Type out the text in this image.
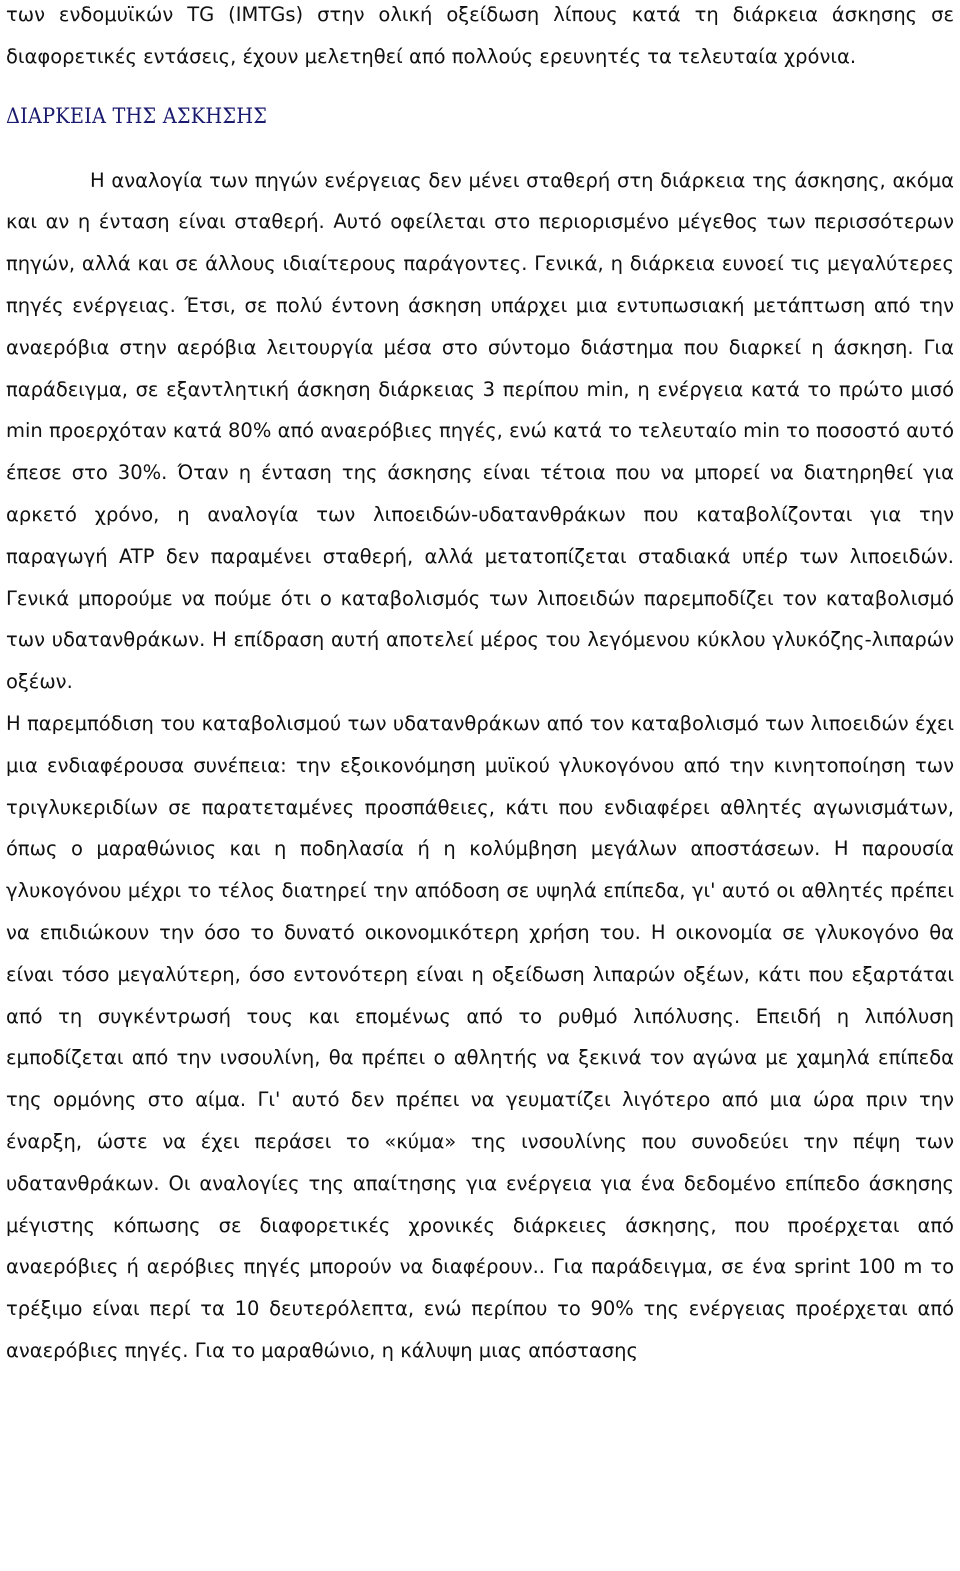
των ενδομυϊκών TG (IMTGs) στην ολική οξείδωση λίπους κατά τη διάρκεια άσκησης σε διαφορετικές εντάσεις, έχουν μελετηθεί από πολλούς ερευνητές τα τελευταία χρόνια.

ΔΙΑΡΚΕΙΑ ΤΗΣ ΑΣΚΗΣΗΣ

Η αναλογία των πηγών ενέργειας δεν μένει σταθερή στη διάρκεια της άσκησης, ακόμα και αν η ένταση είναι σταθερή. Αυτό οφείλεται στο περιορισμένο μέγεθος των περισσότερων πηγών, αλλά και σε άλλους ιδιαίτερους παράγοντες. Γενικά, η διάρκεια ευνοεί τις μεγαλύτερες πηγές ενέργειας. Έτσι, σε πολύ έντονη άσκηση υπάρχει μια εντυπωσιακή μετάπτωση από την αναερόβια στην αερόβια λειτουργία μέσα στο σύντομο διάστημα που διαρκεί η άσκηση. Για παράδειγμα, σε εξαντλητική άσκηση διάρκειας 3 περίπου min, η ενέργεια κατά το πρώτο μισό min προερχόταν κατά 80% από αναερόβιες πηγές, ενώ κατά το τελευταίο min το ποσοστό αυτό έπεσε στο 30%. Όταν η ένταση της άσκησης είναι τέτοια που να μπορεί να διατηρηθεί για αρκετό χρόνο, η αναλογία των λιποειδών-υδατανθράκων που καταβολίζονται για την παραγωγή ATP δεν παραμένει σταθερή, αλλά μετατοπίζεται σταδιακά υπέρ των λιποειδών. Γενικά μπορούμε να πούμε ότι ο καταβολισμός των λιποειδών παρεμποδίζει τον καταβολισμό των υδατανθράκων. Η επίδραση αυτή αποτελεί μέρος του λεγόμενου κύκλου γλυκόζης-λιπαρών οξέων.

Η παρεμπόδιση του καταβολισμού των υδατανθράκων από τον καταβολισμό των λιποειδών έχει μια ενδιαφέρουσα συνέπεια: την εξοικονόμηση μυϊκού γλυκογόνου από την κινητοποίηση των τριγλυκεριδίων σε παρατεταμένες προσπάθειες, κάτι που ενδιαφέρει αθλητές αγωνισμάτων, όπως ο μαραθώνιος και η ποδηλασία ή η κολύμβηση μεγάλων αποστάσεων. Η παρουσία γλυκογόνου μέχρι το τέλος διατηρεί την απόδοση σε υψηλά επίπεδα, γι' αυτό οι αθλητές πρέπει να επιδιώκουν την όσο το δυνατό οικονομικότερη χρήση του. Η οικονομία σε γλυκογόνο θα είναι τόσο μεγαλύτερη, όσο εντονότερη είναι η οξείδωση λιπαρών οξέων, κάτι που εξαρτάται από τη συγκέντρωσή τους και επομένως από το ρυθμό λιπόλυσης. Επειδή η λιπόλυση εμποδίζεται από την ινσουλίνη, θα πρέπει ο αθλητής να ξεκινά τον αγώνα με χαμηλά επίπεδα της ορμόνης στο αίμα. Γι' αυτό δεν πρέπει να γευματίζει λιγότερο από μια ώρα πριν την έναρξη, ώστε να έχει περάσει το «κύμα» της ινσουλίνης που συνοδεύει την πέψη των υδατανθράκων. Οι αναλογίες της απαίτησης για ενέργεια για ένα δεδομένο επίπεδο άσκησης μέγιστης κόπωσης σε διαφορετικές χρονικές διάρκειες άσκησης, που προέρχεται από αναερόβιες ή αερόβιες πηγές μπορούν να διαφέρουν.. Για παράδειγμα, σε ένα sprint 100 m το τρέξιμο είναι περί τα 10 δευτερόλεπτα, ενώ περίπου το 90% της ενέργειας προέρχεται από αναερόβιες πηγές. Για το μαραθώνιο, η κάλυψη μιας απόστασης
